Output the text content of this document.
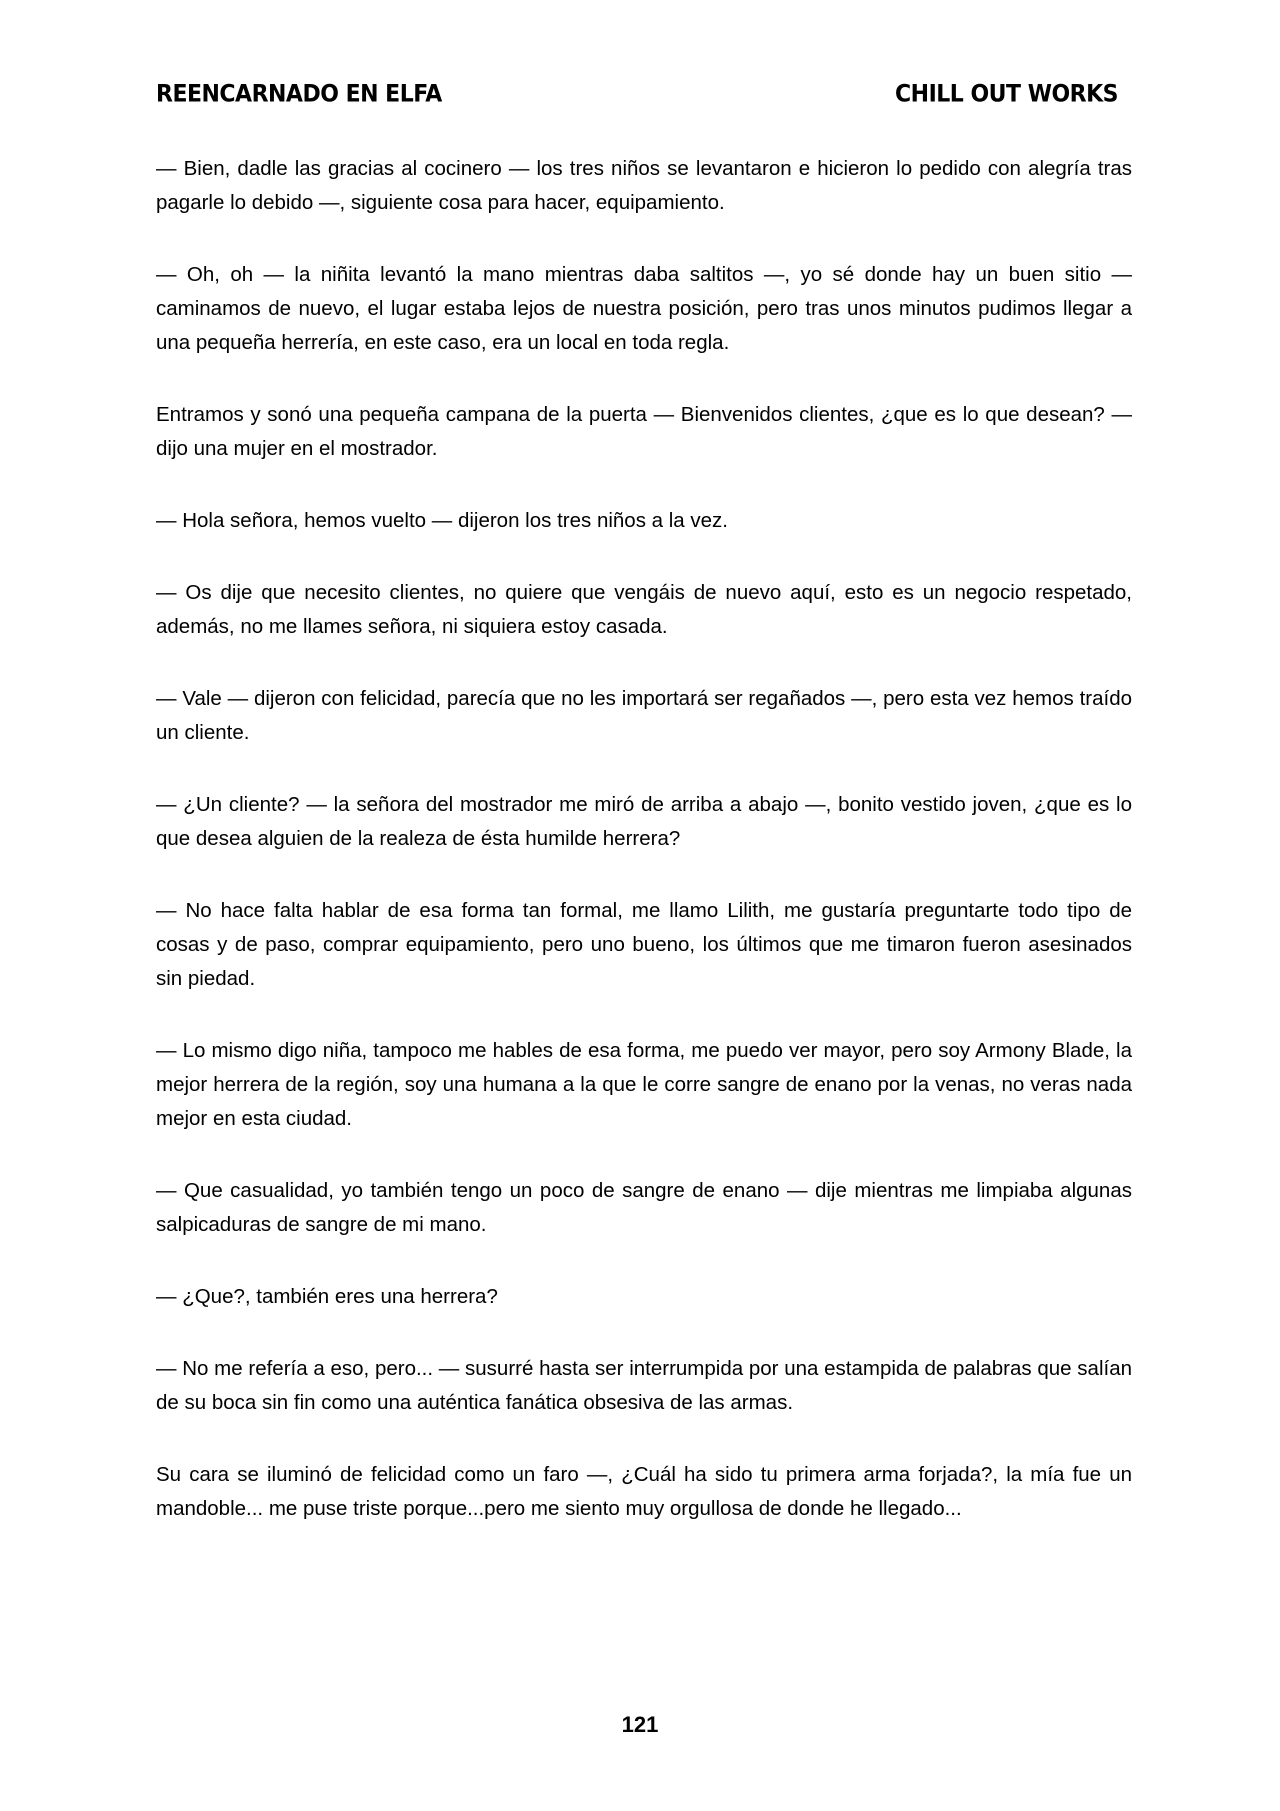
REENCARNADO EN ELFA	CHILL OUT WORKS

— Bien, dadle las gracias al cocinero — los tres niños se levantaron e hicieron lo pedido con alegría tras pagarle lo debido —, siguiente cosa para hacer, equipamiento.

— Oh, oh — la niñita levantó la mano mientras daba saltitos —, yo sé donde hay un buen sitio — caminamos de nuevo, el lugar estaba lejos de nuestra posición, pero tras unos minutos pudimos llegar a una pequeña herrería, en este caso, era un local en toda regla.

Entramos y sonó una pequeña campana de la puerta — Bienvenidos clientes, ¿que es lo que desean? — dijo una mujer en el mostrador.

— Hola señora, hemos vuelto — dijeron los tres niños a la vez.

— Os dije que necesito clientes, no quiere que vengáis de nuevo aquí, esto es un negocio respetado, además, no me llames señora, ni siquiera estoy casada.

— Vale — dijeron con felicidad, parecía que no les importará ser regañados —, pero esta vez hemos traído un cliente.

— ¿Un cliente? — la señora del mostrador me miró de arriba a abajo —, bonito vestido joven, ¿que es lo que desea alguien de la realeza de ésta humilde herrera?

— No hace falta hablar de esa forma tan formal, me llamo Lilith, me gustaría preguntarte todo tipo de cosas y de paso, comprar equipamiento, pero uno bueno, los últimos que me timaron fueron asesinados sin piedad.

— Lo mismo digo niña, tampoco me hables de esa forma, me puedo ver mayor, pero soy Armony Blade, la mejor herrera de la región, soy una humana a la que le corre sangre de enano por la venas, no veras nada mejor en esta ciudad.

— Que casualidad, yo también tengo un poco de sangre de enano — dije mientras me limpiaba algunas salpicaduras de sangre de mi mano.

— ¿Que?, también eres una herrera?

— No me refería a eso, pero... — susurré hasta ser interrumpida por una estampida de palabras que salían de su boca sin fin como una auténtica fanática obsesiva de las armas.

Su cara se iluminó de felicidad como un faro —, ¿Cuál ha sido tu primera arma forjada?, la mía fue un mandoble... me puse triste porque...pero me siento muy orgullosa de donde he llegado...

121
